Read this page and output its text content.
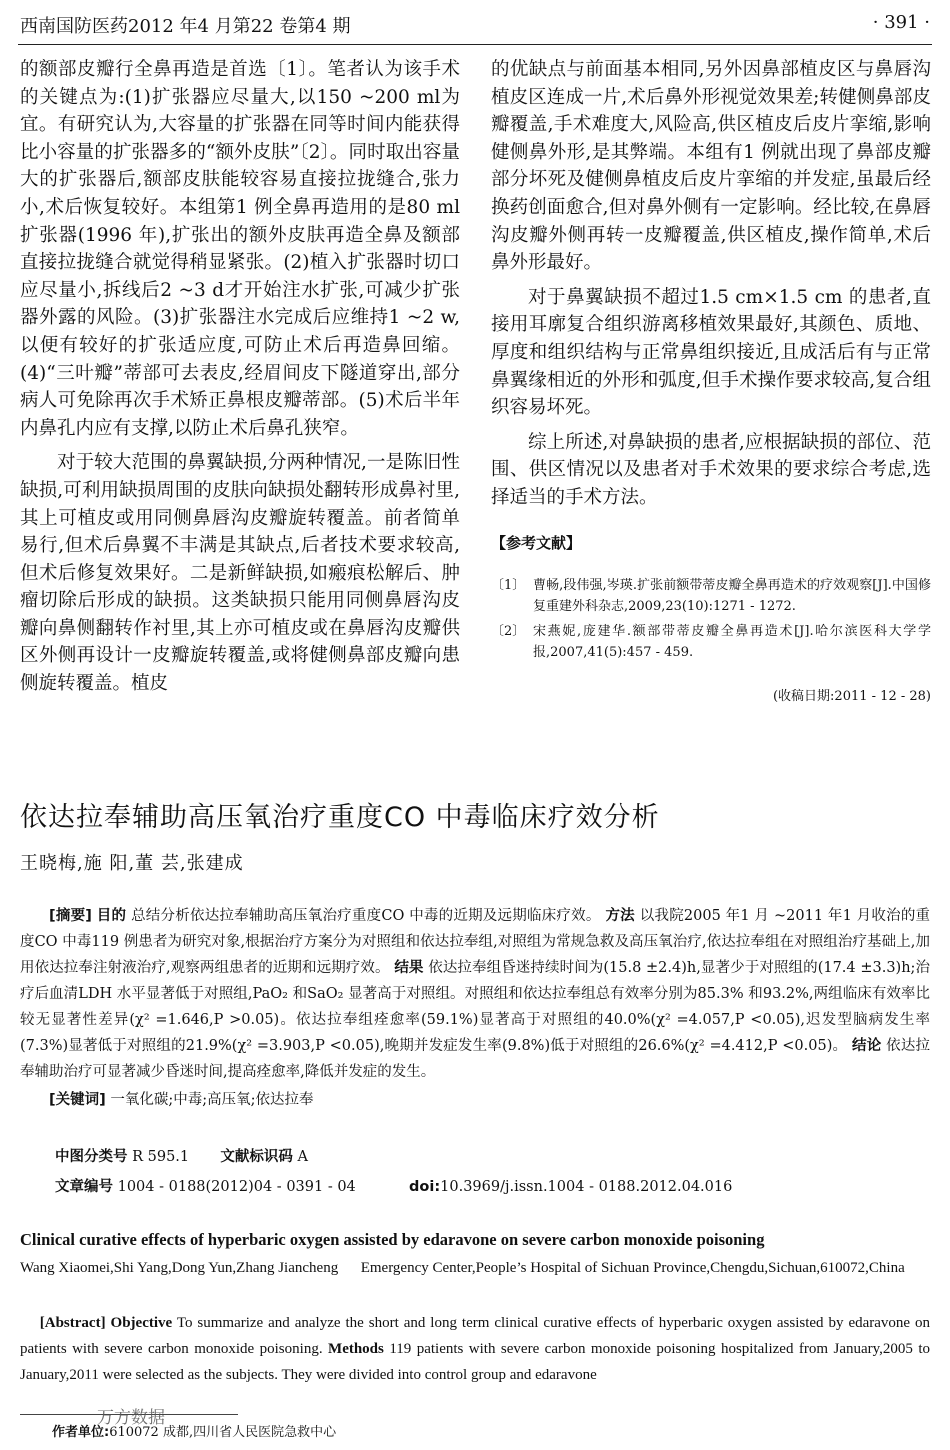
西南国防医药2012 年4 月第22 卷第4 期	· 391 ·

的额部皮瓣行全鼻再造是首选〔1〕。笔者认为该手术的关键点为:(1)扩张器应尽量大,以150 ~200 ml为宜。有研究认为,大容量的扩张器在同等时间内能获得比小容量的扩张器多的“额外皮肤”〔2〕。同时取出容量大的扩张器后,额部皮肤能较容易直接拉拢缝合,张力小,术后恢复较好。本组第1 例全鼻再造用的是80 ml 扩张器(1996 年),扩张出的额外皮肤再造全鼻及额部直接拉拢缝合就觉得稍显紧张。(2)植入扩张器时切口应尽量小,拆线后2 ~3 d才开始注水扩张,可减少扩张器外露的风险。(3)扩张器注水完成后应维持1 ~2 w,以便有较好的扩张适应度,可防止术后再造鼻回缩。(4)“三叶瓣”蒂部可去表皮,经眉间皮下隧道穿出,部分病人可免除再次手术矫正鼻根皮瓣蒂部。(5)术后半年内鼻孔内应有支撑,以防止术后鼻孔狭窄。

对于较大范围的鼻翼缺损,分两种情况,一是陈旧性缺损,可利用缺损周围的皮肤向缺损处翻转形成鼻衬里,其上可植皮或用同侧鼻唇沟皮瓣旋转覆盖。前者简单易行,但术后鼻翼不丰满是其缺点,后者技术要求较高,但术后修复效果好。二是新鲜缺损,如瘢痕松解后、肿瘤切除后形成的缺损。这类缺损只能用同侧鼻唇沟皮瓣向鼻侧翻转作衬里,其上亦可植皮或在鼻唇沟皮瓣供区外侧再设计一皮瓣旋转覆盖,或将健侧鼻部皮瓣向患侧旋转覆盖。植皮

的优缺点与前面基本相同,另外因鼻部植皮区与鼻唇沟植皮区连成一片,术后鼻外形视觉效果差;转健侧鼻部皮瓣覆盖,手术难度大,风险高,供区植皮后皮片挛缩,影响健侧鼻外形,是其弊端。本组有1 例就出现了鼻部皮瓣部分坏死及健侧鼻植皮后皮片挛缩的并发症,虽最后经换药创面愈合,但对鼻外侧有一定影响。经比较,在鼻唇沟皮瓣外侧再转一皮瓣覆盖,供区植皮,操作简单,术后鼻外形最好。

对于鼻翼缺损不超过1.5 cm×1.5 cm 的患者,直接用耳廓复合组织游离移植效果最好,其颜色、质地、厚度和组织结构与正常鼻组织接近,且成活后有与正常鼻翼缘相近的外形和弧度,但手术操作要求较高,复合组织容易坏死。

综上所述,对鼻缺损的患者,应根据缺损的部位、范围、供区情况以及患者对手术效果的要求综合考虑,选择适当的手术方法。

【参考文献】
〔1〕 曹畅,段伟强,岑瑛.扩张前额带蒂皮瓣全鼻再造术的疗效观察[J].中国修复重建外科杂志,2009,23(10):1271 - 1272.
〔2〕 宋燕妮,庞建华.额部带蒂皮瓣全鼻再造术[J].哈尔滨医科大学学报,2007,41(5):457 - 459.
(收稿日期:2011 - 12 - 28)
依达拉奉辅助高压氧治疗重度CO 中毒临床疗效分析
王晓梅,施 阳,董 芸,张建成

[摘要] 目的 总结分析依达拉奉辅助高压氧治疗重度CO 中毒的近期及远期临床疗效。 方法 以我院2005 年1 月 ~2011 年1 月收治的重度CO 中毒119 例患者为研究对象,根据治疗方案分为对照组和依达拉奉组,对照组为常规急救及高压氧治疗,依达拉奉组在对照组治疗基础上,加用依达拉奉注射液治疗,观察两组患者的近期和远期疗效。 结果 依达拉奉组昏迷持续时间为(15.8 ±2.4)h,显著少于对照组的(17.4 ±3.3)h;治疗后血清LDH 水平显著低于对照组,PaO₂ 和SaO₂ 显著高于对照组。对照组和依达拉奉组总有效率分别为85.3% 和93.2%,两组临床有效率比较无显著性差异(χ² =1.646,P >0.05)。依达拉奉组痊愈率(59.1%)显著高于对照组的40.0%(χ² =4.057,P <0.05),迟发型脑病发生率(7.3%)显著低于对照组的21.9%(χ² =3.903,P <0.05),晚期并发症发生率(9.8%)低于对照组的26.6%(χ² =4.412,P <0.05)。 结论 依达拉奉辅助治疗可显著减少昏迷时间,提高痊愈率,降低并发症的发生。

[关键词] 一氧化碳;中毒;高压氧;依达拉奉

中图分类号 R 595.1 文献标识码 A
文章编号 1004 - 0188(2012)04 - 0391 - 04	doi:10.3969/j.issn.1004 - 0188.2012.04.016
Clinical curative effects of hyperbaric oxygen assisted by edaravone on severe carbon monoxide poisoning
Wang Xiaomei,Shi Yang,Dong Yun,Zhang Jiancheng Emergency Center,People’s Hospital of Sichuan Province,Chengdu,Sichuan,610072,China
[Abstract] Objective To summarize and analyze the short and long term clinical curative effects of hyperbaric oxygen assisted by edaravone on patients with severe carbon monoxide poisoning. Methods 119 patients with severe carbon monoxide poisoning hospitalized from January,2005 to January,2011 were selected as the subjects. They were divided into control group and edaravone
万方数据
作者单位:610072 成都,四川省人民医院急救中心
